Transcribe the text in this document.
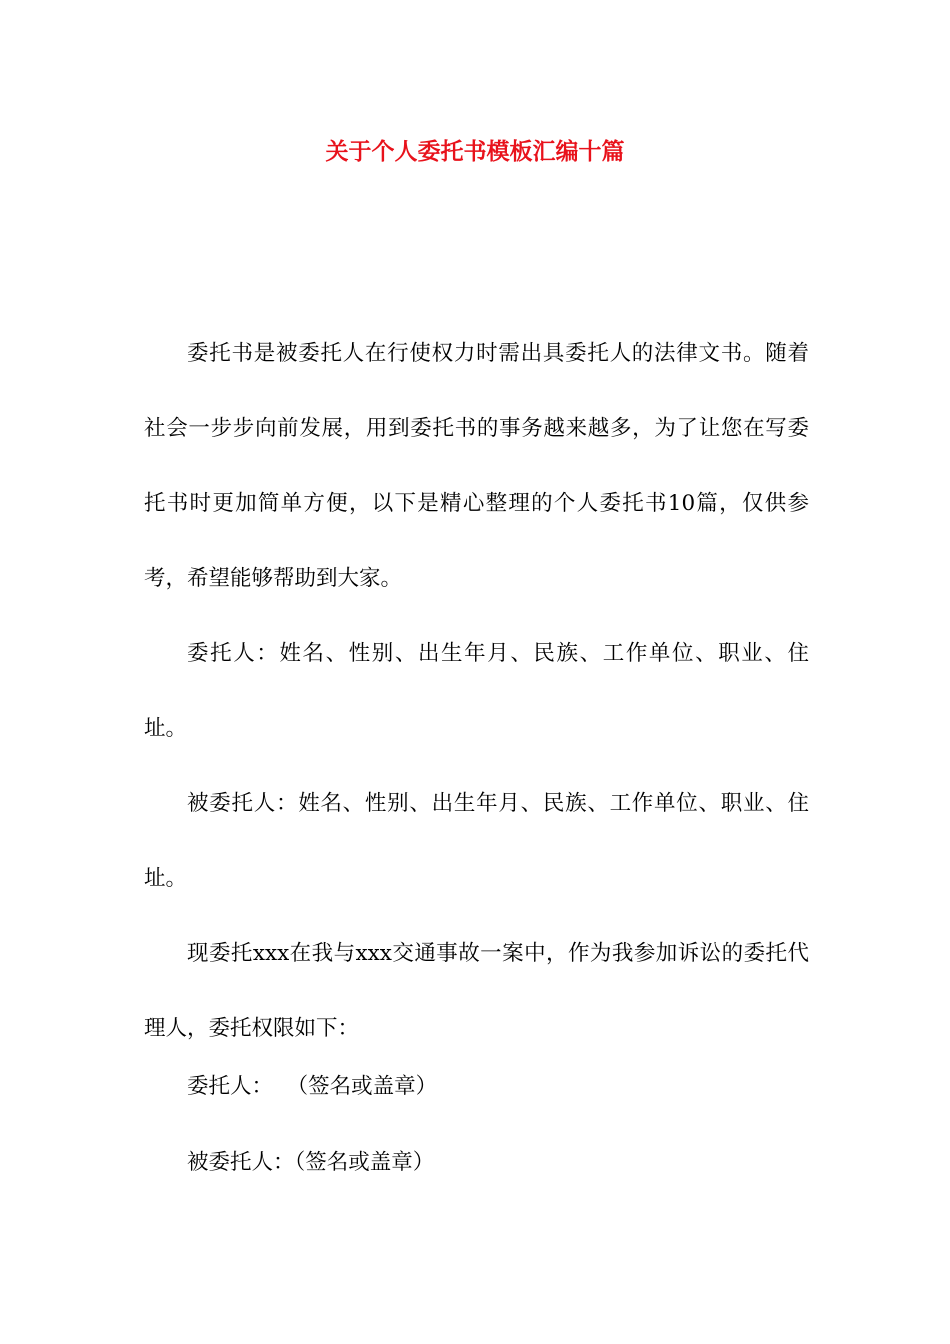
关于个人委托书模板汇编十篇

委托书是被委托人在行使权力时需出具委托人的法律文书。随着社会一步步向前发展，用到委托书的事务越来越多，为了让您在写委托书时更加简单方便，以下是精心整理的个人委托书10篇，仅供参考，希望能够帮助到大家。

委托人：姓名、性别、出生年月、民族、工作单位、职业、住址。

被委托人：姓名、性别、出生年月、民族、工作单位、职业、住址。

现委托xxx在我与xxx交通事故一案中，作为我参加诉讼的委托代理人，委托权限如下：

委托人：  （签名或盖章）

被委托人：（签名或盖章）
